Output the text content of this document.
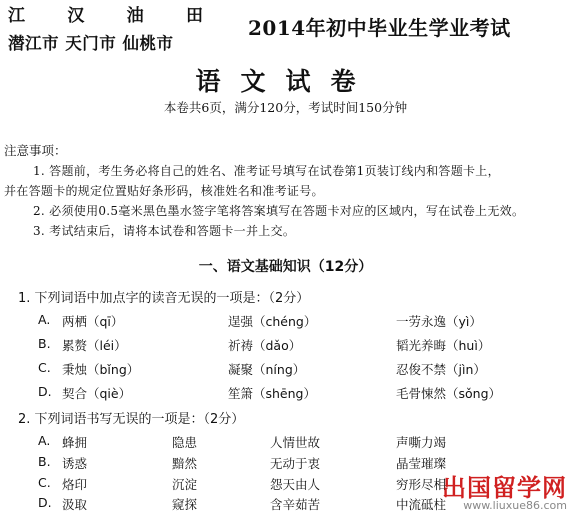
江 汉 油 田
潜江市 天门市 仙桃市
2014年初中毕业生学业考试
语文试卷
本卷共6页，满分120分，考试时间150分钟
注意事项：
1. 答题前，考生务必将自己的姓名、准考证号填写在试卷第1页装订线内和答题卡上，
并在答题卡的规定位置贴好条形码，核准姓名和准考证号。
2. 必须使用0.5毫米黑色墨水签字笔将答案填写在答题卡对应的区域内，写在试卷上无效。
3. 考试结束后，请将本试卷和答题卡一并上交。
一、语文基础知识（12分）
1. 下列词语中加点字的读音无误的一项是：（2分）
A. 两栖（qī）	逞强（chéng）	一劳永逸（yì）
B. 累赘（léi）	祈祷（dǎo）	韬光养晦（huì）
C. 秉烛（bǐng）	凝聚（níng）	忍俊不禁（jìn）
D. 契合（qiè）	笙箫（shēng）	毛骨悚然（sǒng）
2. 下列词语书写无误的一项是：（2分）
A. 蜂拥	隐患	人情世故	声嘶力竭
B. 诱惑	黯然	无动于衷	晶莹璀璨
C. 烙印	沉淀	怨天由人	穷形尽相
D. 汲取	窥探	含辛茹苦	中流砥柱
出国留学网
www.liuxue86.com
